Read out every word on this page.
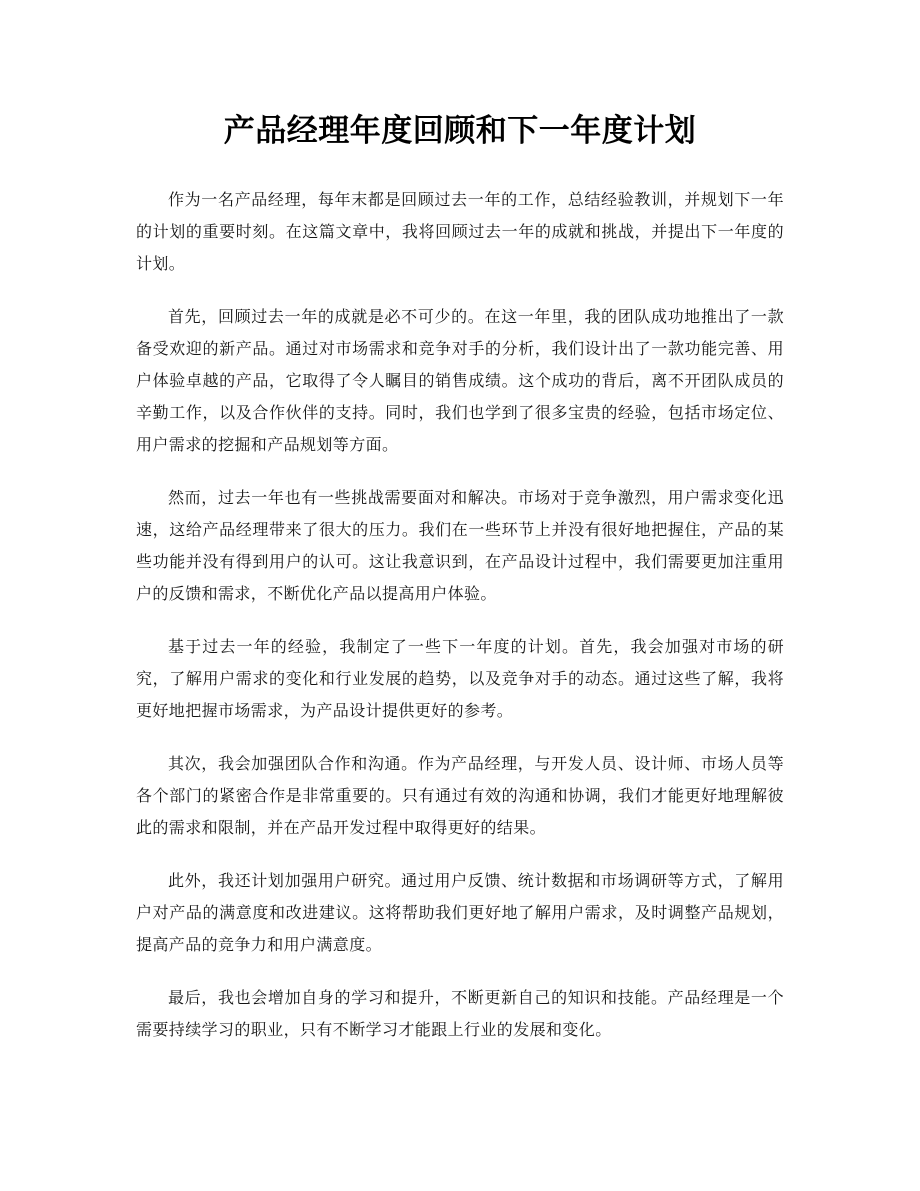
产品经理年度回顾和下一年度计划

作为一名产品经理，每年末都是回顾过去一年的工作，总结经验教训，并规划下一年的计划的重要时刻。在这篇文章中，我将回顾过去一年的成就和挑战，并提出下一年度的计划。

首先，回顾过去一年的成就是必不可少的。在这一年里，我的团队成功地推出了一款备受欢迎的新产品。通过对市场需求和竞争对手的分析，我们设计出了一款功能完善、用户体验卓越的产品，它取得了令人瞩目的销售成绩。这个成功的背后，离不开团队成员的辛勤工作，以及合作伙伴的支持。同时，我们也学到了很多宝贵的经验，包括市场定位、用户需求的挖掘和产品规划等方面。

然而，过去一年也有一些挑战需要面对和解决。市场对于竞争激烈，用户需求变化迅速，这给产品经理带来了很大的压力。我们在一些环节上并没有很好地把握住，产品的某些功能并没有得到用户的认可。这让我意识到，在产品设计过程中，我们需要更加注重用户的反馈和需求，不断优化产品以提高用户体验。

基于过去一年的经验，我制定了一些下一年度的计划。首先，我会加强对市场的研究，了解用户需求的变化和行业发展的趋势，以及竞争对手的动态。通过这些了解，我将更好地把握市场需求，为产品设计提供更好的参考。

其次，我会加强团队合作和沟通。作为产品经理，与开发人员、设计师、市场人员等各个部门的紧密合作是非常重要的。只有通过有效的沟通和协调，我们才能更好地理解彼此的需求和限制，并在产品开发过程中取得更好的结果。

此外，我还计划加强用户研究。通过用户反馈、统计数据和市场调研等方式，了解用户对产品的满意度和改进建议。这将帮助我们更好地了解用户需求，及时调整产品规划，提高产品的竞争力和用户满意度。

最后，我也会增加自身的学习和提升，不断更新自己的知识和技能。产品经理是一个需要持续学习的职业，只有不断学习才能跟上行业的发展和变化。
